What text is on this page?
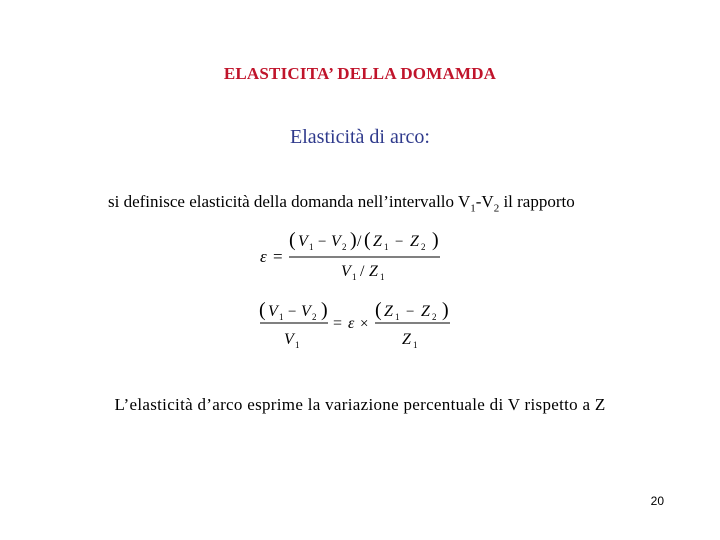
ELASTICITA’ DELLA DOMAMDA
Elasticità di arco:
si definisce elasticità della domanda nell’intervallo $V_1-V_2$ il rapporto
ε =
( V 1 − V 2 ) / ( Z 1 − Z 2 )
V 1 / Z 1
( V 1 − V 2 )
V 1
= ε ×
( Z 1 − Z 2 )
Z 1
L’elasticità d’arco esprime la variazione percentuale di V rispetto a Z
20
